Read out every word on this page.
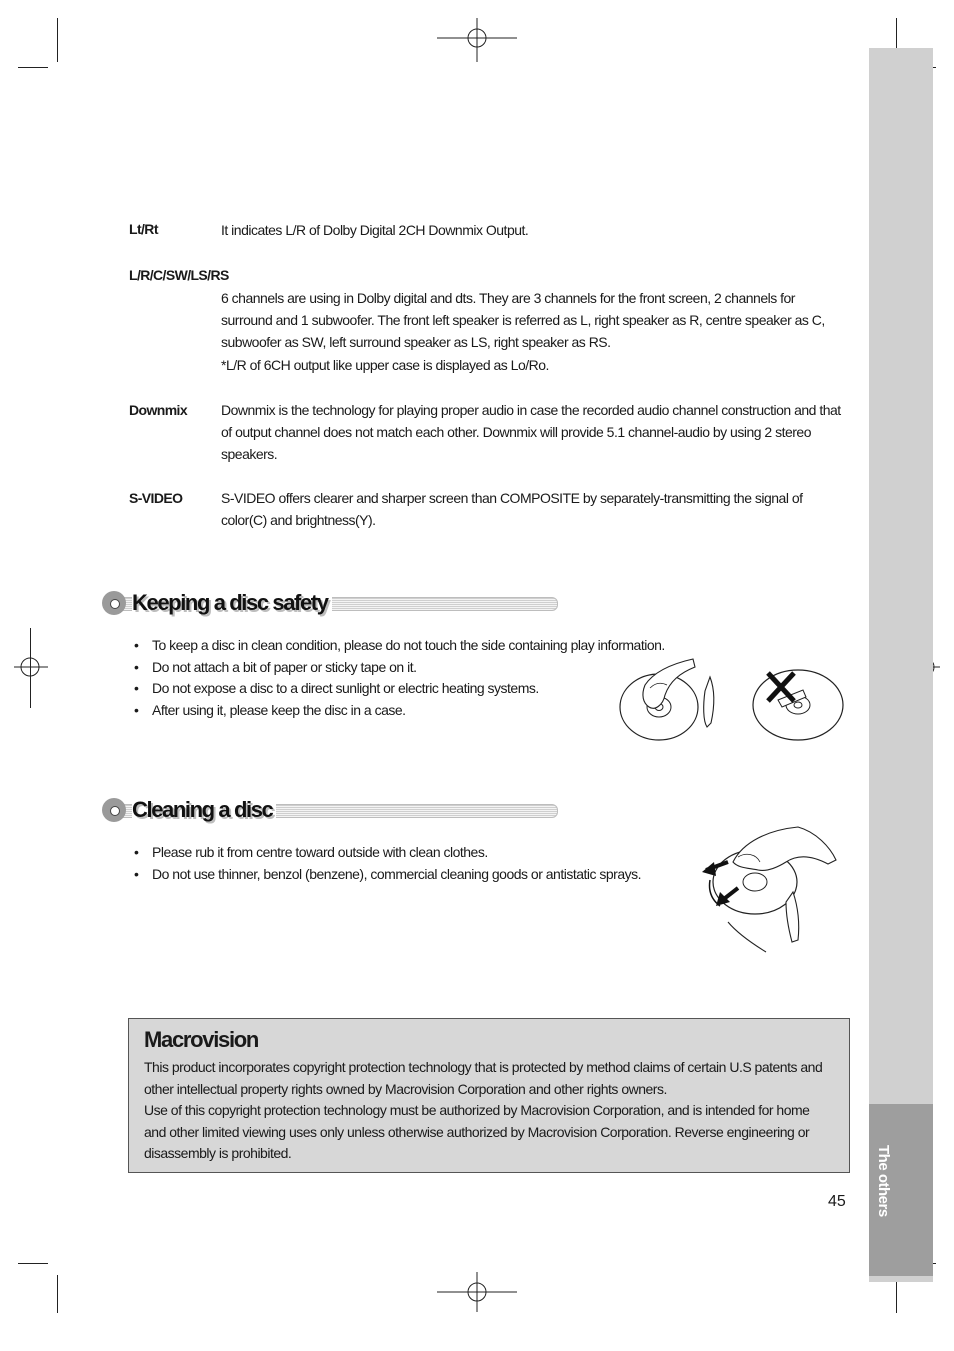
The others
Lt/Rt	It indicates L/R of Dolby Digital 2CH Downmix Output.
L/R/C/SW/LS/RS
6 channels are using in Dolby digital and dts. They are 3 channels for the front screen, 2 channels for surround and 1 subwoofer. The front left speaker is referred as L, right speaker as R, centre speaker as C, subwoofer as SW, left surround speaker as LS, right speaker as RS.
*L/R of 6CH output like upper case is displayed as Lo/Ro.
Downmix Downmix is the technology for playing proper audio in case the recorded audio channel construction and that of output channel does not match each other. Downmix will provide 5.1 channel-audio by using 2 stereo speakers.
S-VIDEO	S-VIDEO offers clearer and sharper screen than COMPOSITE by separately-transmitting the signal of color(C) and brightness(Y).
Keeping a disc safety
• To keep a disc in clean condition, please do not touch the side containing play information.
• Do not attach a bit of paper or sticky tape on it.
• Do not expose a disc to a direct sunlight or electric heating systems.
• After using it, please keep the disc in a case.
Cleaning a disc
• Please rub it from centre toward outside with clean clothes.
• Do not use thinner, benzol (benzene), commercial cleaning goods or antistatic sprays.
Macrovision
This product incorporates copyright protection technology that is protected by method claims of certain U.S patents and other intellectual property rights owned by Macrovision Corporation and other rights owners.
Use of this copyright protection technology must be authorized by Macrovision Corporation, and is intended for home and other limited viewing uses only unless otherwise authorized by Macrovision Corporation. Reverse engineering or disassembly is prohibited.
45
